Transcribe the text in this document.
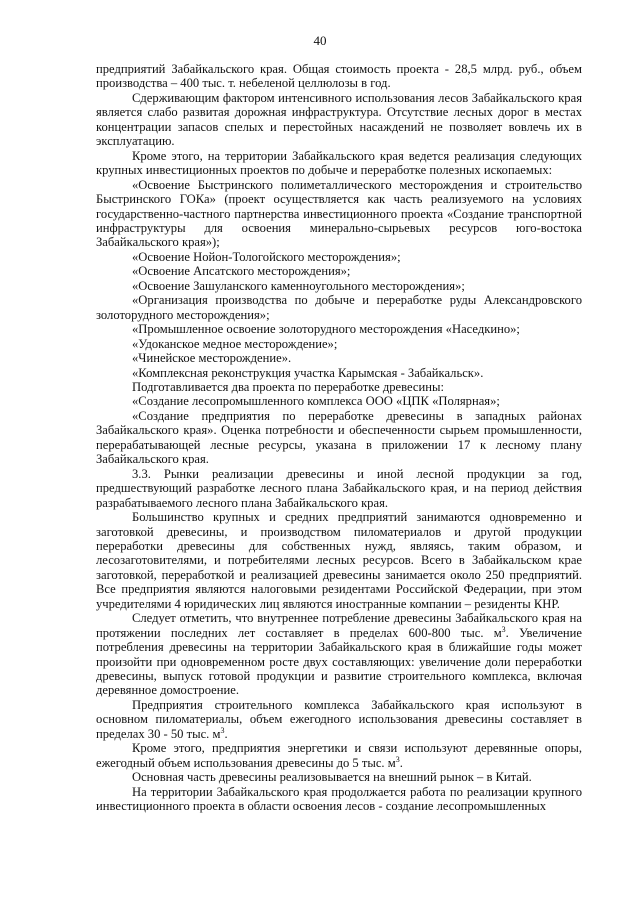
40

предприятий Забайкальского края. Общая стоимость проекта - 28,5 млрд. руб., объем производства – 400 тыс. т. небеленой целлюлозы в год.

Сдерживающим фактором интенсивного использования лесов Забайкальского края является слабо развитая дорожная инфраструктура. Отсутствие лесных дорог в местах концентрации запасов спелых и перестойных насаждений не позволяет вовлечь их в эксплуатацию.

Кроме этого, на территории Забайкальского края ведется реализация следующих крупных инвестиционных проектов по добыче и переработке полезных ископаемых:

«Освоение Быстринского полиметаллического месторождения и строительство Быстринского ГОКа» (проект осуществляется как часть реализуемого на условиях государственно-частного партнерства инвестиционного проекта «Создание транспортной инфраструктуры для освоения минерально-сырьевых ресурсов юго-востока Забайкальского края»);

«Освоение Нойон-Тологойского месторождения»;

«Освоение Апсатского месторождения»;

«Освоение Зашуланского каменноугольного месторождения»;

«Организация производства по добыче и переработке руды Александровского золоторудного месторождения»;

«Промышленное освоение золоторудного месторождения «Наседкино»;

«Удоканское медное месторождение»;

«Чинейское месторождение».

«Комплексная реконструкция участка Карымская - Забайкальск».

Подготавливается два проекта по переработке древесины:

«Создание лесопромышленного комплекса ООО «ЦПК «Полярная»;

«Создание предприятия по переработке древесины в западных районах Забайкальского края». Оценка потребности и обеспеченности сырьем промышленности, перерабатывающей лесные ресурсы, указана в приложении 17 к лесному плану Забайкальского края.

3.3. Рынки реализации древесины и иной лесной продукции за год, предшествующий разработке лесного плана Забайкальского края, и на период действия разрабатываемого лесного плана Забайкальского края.

Большинство крупных и средних предприятий занимаются одновременно и заготовкой древесины, и производством пиломатериалов и другой продукции переработки древесины для собственных нужд, являясь, таким образом, и лесозаготовителями, и потребителями лесных ресурсов. Всего в Забайкальском крае заготовкой, переработкой и реализацией древесины занимается около 250 предприятий. Все предприятия являются налоговыми резидентами Российской Федерации, при этом учредителями 4 юридических лиц являются иностранные компании – резиденты КНР.

Следует отметить, что внутреннее потребление древесины Забайкальского края на протяжении последних лет составляет в пределах 600-800 тыс. $м^3$. Увеличение потребления древесины на территории Забайкальского края в ближайшие годы может произойти при одновременном росте двух составляющих: увеличение доли переработки древесины, выпуск готовой продукции и развитие строительного комплекса, включая деревянное домостроение.

Предприятия строительного комплекса Забайкальского края используют в основном пиломатериалы, объем ежегодного использования древесины составляет в пределах 30 - 50 тыс. $м^3$.

Кроме этого, предприятия энергетики и связи используют деревянные опоры, ежегодный объем использования древесины до 5 тыс. $м^3$.

Основная часть древесины реализовывается на внешний рынок – в Китай.

На территории Забайкальского края продолжается работа по реализации крупного инвестиционного проекта в области освоения лесов - создание лесопромышленных
